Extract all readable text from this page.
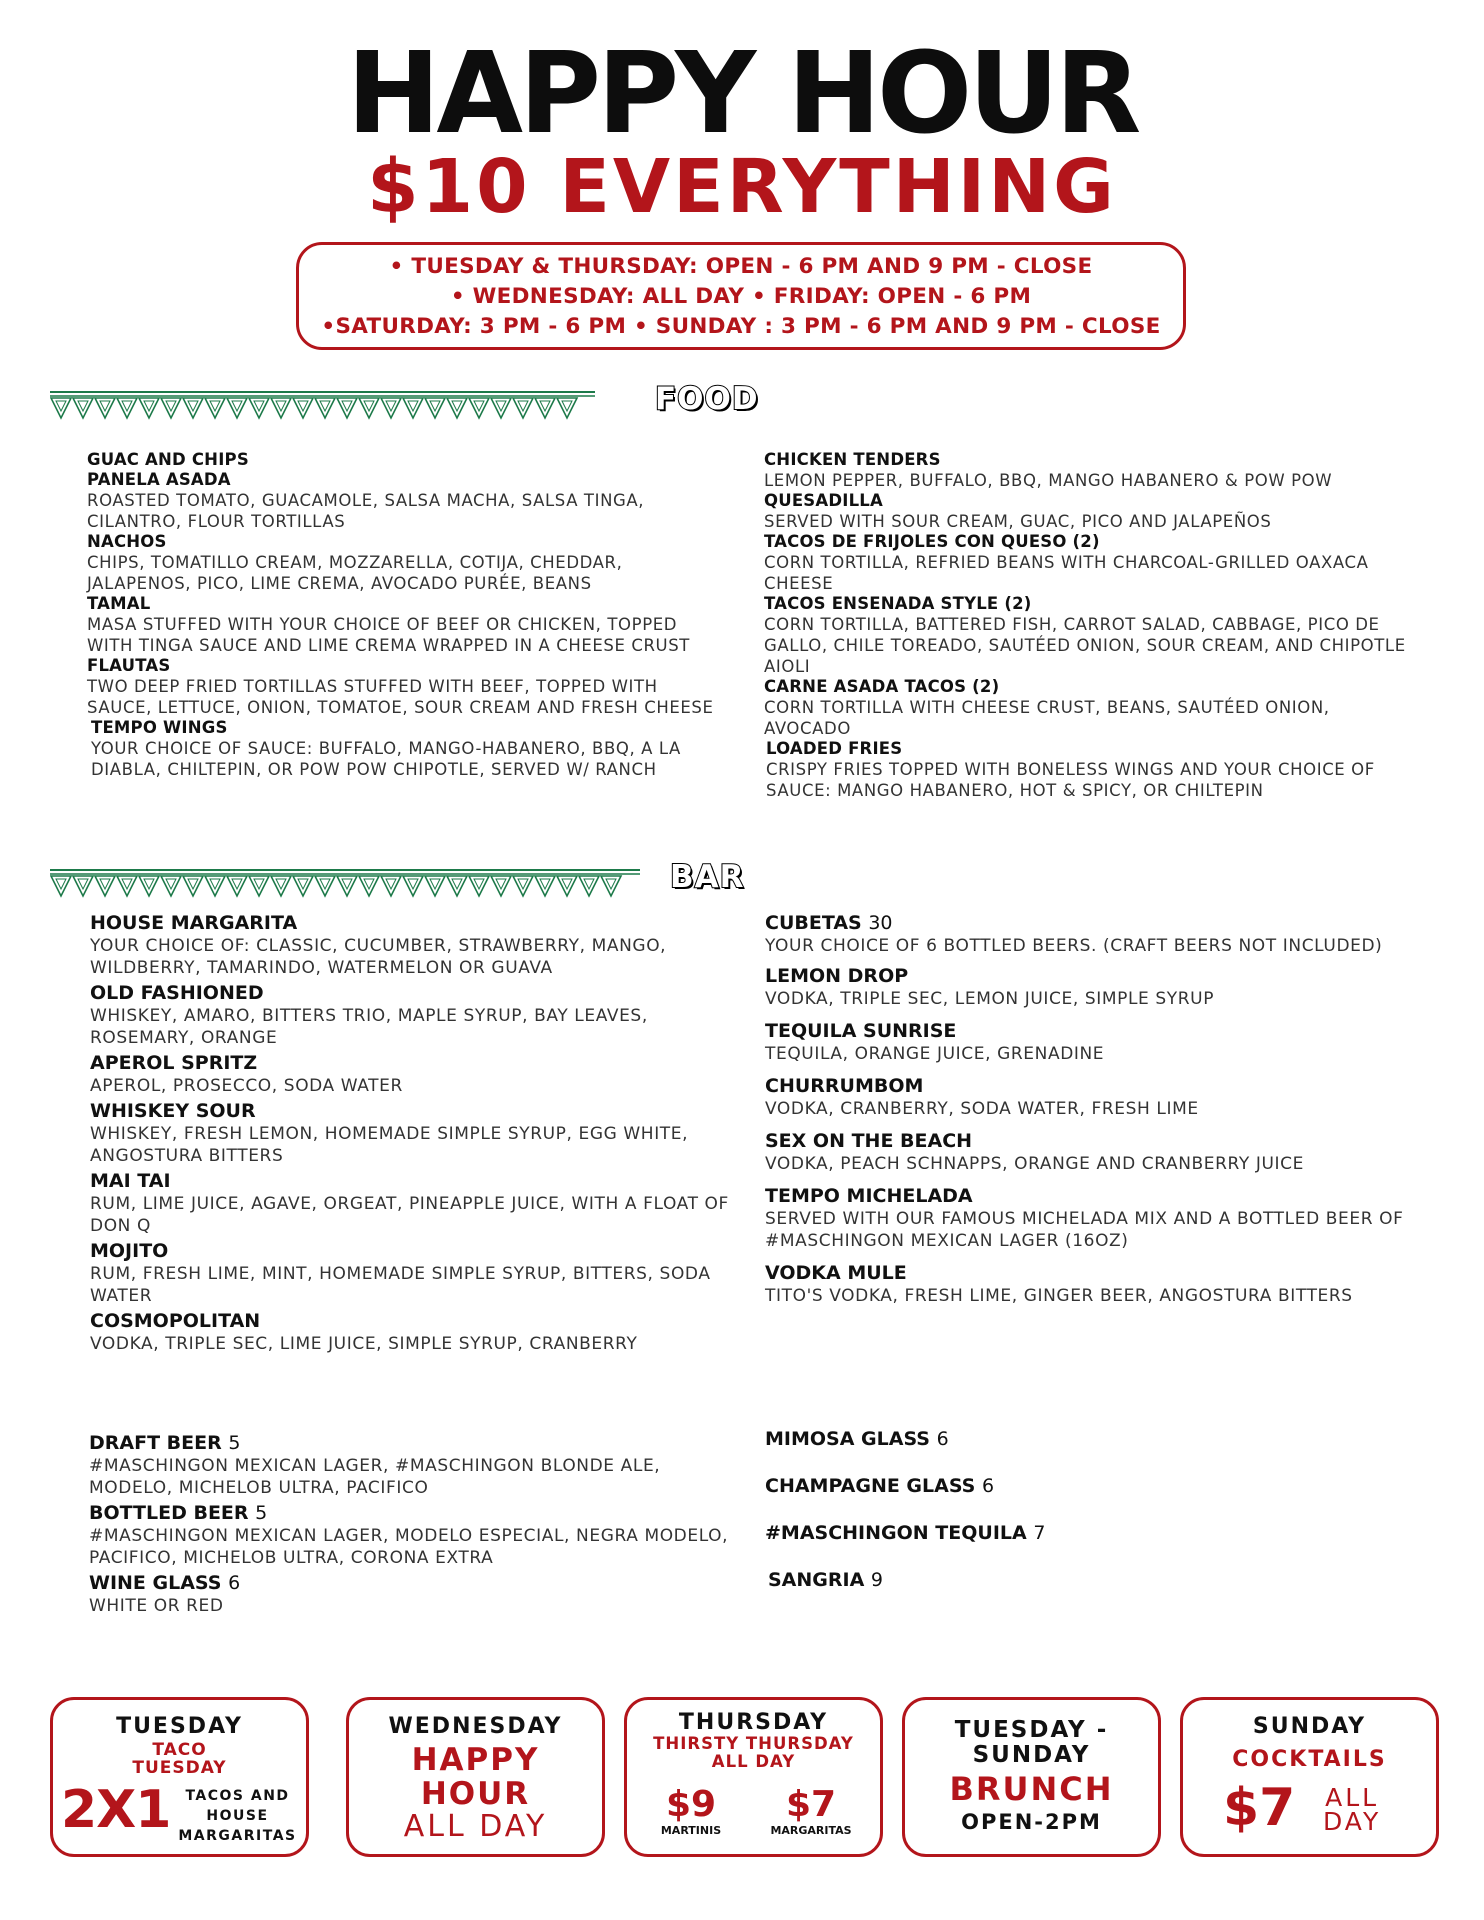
HAPPY HOUR
$10 EVERYTHING
• TUESDAY & THURSDAY: OPEN - 6 PM AND 9 PM - CLOSE
• WEDNESDAY: ALL DAY • FRIDAY: OPEN - 6 PM
•SATURDAY: 3 PM - 6 PM • SUNDAY : 3 PM - 6 PM AND 9 PM - CLOSE
FOOD
GUAC AND CHIPS
PANELA ASADA
ROASTED TOMATO, GUACAMOLE, SALSA MACHA, SALSA TINGA, CILANTRO, FLOUR TORTILLAS
NACHOS
CHIPS, TOMATILLO CREAM, MOZZARELLA, COTIJA, CHEDDAR, JALAPENOS, PICO, LIME CREMA, AVOCADO PURÉE, BEANS
TAMAL
MASA STUFFED WITH YOUR CHOICE OF BEEF OR CHICKEN, TOPPED WITH TINGA SAUCE AND LIME CREMA WRAPPED IN A CHEESE CRUST
FLAUTAS
TWO DEEP FRIED TORTILLAS STUFFED WITH BEEF, TOPPED WITH SAUCE, LETTUCE, ONION, TOMATOE, SOUR CREAM AND FRESH CHEESE
TEMPO WINGS
YOUR CHOICE OF SAUCE: BUFFALO, MANGO-HABANERO, BBQ, A LA DIABLA, CHILTEPIN, OR POW POW CHIPOTLE, SERVED W/ RANCH
CHICKEN TENDERS
LEMON PEPPER, BUFFALO, BBQ, MANGO HABANERO & POW POW
QUESADILLA
SERVED WITH SOUR CREAM, GUAC, PICO AND JALAPEÑOS
TACOS DE FRIJOLES CON QUESO (2)
CORN TORTILLA, REFRIED BEANS WITH CHARCOAL-GRILLED OAXACA CHEESE
TACOS ENSENADA STYLE (2)
CORN TORTILLA, BATTERED FISH, CARROT SALAD, CABBAGE, PICO DE GALLO, CHILE TOREADO, SAUTÉED ONION, SOUR CREAM, AND CHIPOTLE AIOLI
CARNE ASADA TACOS (2)
CORN TORTILLA WITH CHEESE CRUST, BEANS, SAUTÉED ONION, AVOCADO
LOADED FRIES
CRISPY FRIES TOPPED WITH BONELESS WINGS AND YOUR CHOICE OF SAUCE: MANGO HABANERO, HOT & SPICY, OR CHILTEPIN
BAR
HOUSE MARGARITA
YOUR CHOICE OF: CLASSIC, CUCUMBER, STRAWBERRY, MANGO, WILDBERRY, TAMARINDO, WATERMELON OR GUAVA
OLD FASHIONED
WHISKEY, AMARO, BITTERS TRIO, MAPLE SYRUP, BAY LEAVES, ROSEMARY, ORANGE
APEROL SPRITZ
APEROL, PROSECCO, SODA WATER
WHISKEY SOUR
WHISKEY, FRESH LEMON, HOMEMADE SIMPLE SYRUP, EGG WHITE, ANGOSTURA BITTERS
MAI TAI
RUM, LIME JUICE, AGAVE, ORGEAT, PINEAPPLE JUICE, WITH A FLOAT OF DON Q
MOJITO
RUM, FRESH LIME, MINT, HOMEMADE SIMPLE SYRUP, BITTERS, SODA WATER
COSMOPOLITAN
VODKA, TRIPLE SEC, LIME JUICE, SIMPLE SYRUP, CRANBERRY
CUBETAS 30
YOUR CHOICE OF 6 BOTTLED BEERS. (CRAFT BEERS NOT INCLUDED)
LEMON DROP
VODKA, TRIPLE SEC, LEMON JUICE, SIMPLE SYRUP
TEQUILA SUNRISE
TEQUILA, ORANGE JUICE, GRENADINE
CHURRUMBOM
VODKA, CRANBERRY, SODA WATER, FRESH LIME
SEX ON THE BEACH
VODKA, PEACH SCHNAPPS, ORANGE AND CRANBERRY JUICE
TEMPO MICHELADA
SERVED WITH OUR FAMOUS MICHELADA MIX AND A BOTTLED BEER OF #MASCHINGON MEXICAN LAGER (16OZ)
VODKA MULE
TITO'S VODKA, FRESH LIME, GINGER BEER, ANGOSTURA BITTERS
DRAFT BEER 5
#MASCHINGON MEXICAN LAGER, #MASCHINGON BLONDE ALE, MODELO, MICHELOB ULTRA, PACIFICO
BOTTLED BEER 5
#MASCHINGON MEXICAN LAGER, MODELO ESPECIAL, NEGRA MODELO, PACIFICO, MICHELOB ULTRA, CORONA EXTRA
WINE GLASS 6
WHITE OR RED
MIMOSA GLASS 6
CHAMPAGNE GLASS 6
#MASCHINGON TEQUILA 7
SANGRIA 9
TUESDAY
TACO TUESDAY
2X1	TACOS AND HOUSE MARGARITAS
WEDNESDAY
HAPPY
HOUR
ALL DAY
THURSDAY
THIRSTY THURSDAY
ALL DAY
$9
MARTINIS
$7
MARGARITAS
TUESDAY - SUNDAY
BRUNCH
OPEN-2PM
SUNDAY
COCKTAILS
$7 ALL
DAY
